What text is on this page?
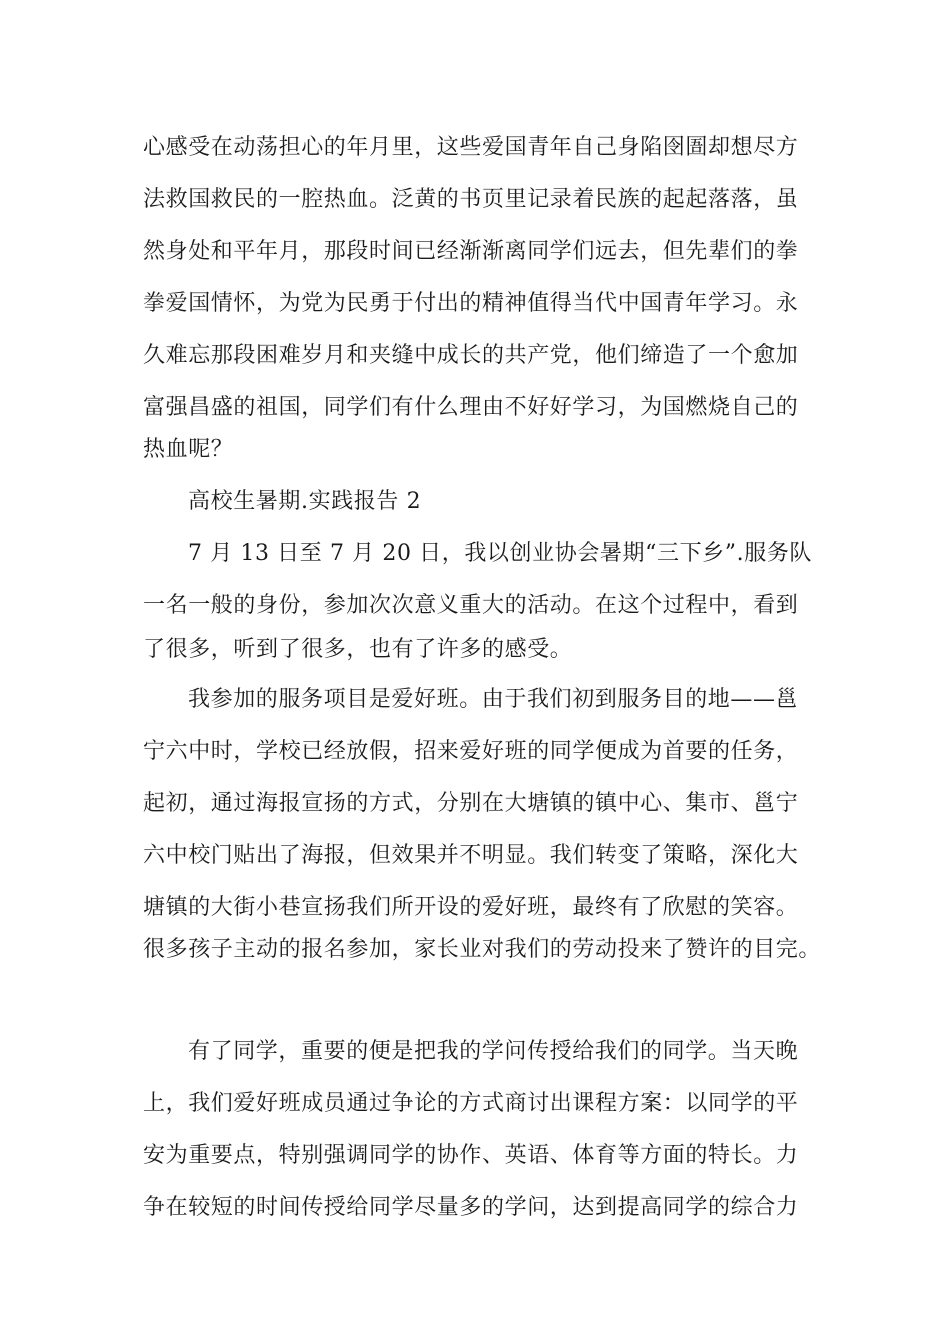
心感受在动荡担心的年月里，这些爱国青年自己身陷囹圄却想尽方
法救国救民的一腔热血。泛黄的书页里记录着民族的起起落落，虽
然身处和平年月，那段时间已经渐渐离同学们远去，但先辈们的拳
拳爱国情怀，为党为民勇于付出的精神值得当代中国青年学习。永
久难忘那段困难岁月和夹缝中成长的共产党，他们缔造了一个愈加
富强昌盛的祖国，同学们有什么理由不好好学习，为国燃烧自己的
热血呢？
高校生暑期.实践报告 2
7 月 13 日至 7 月 20 日，我以创业协会暑期“三下乡”.服务队
一名一般的身份，参加次次意义重大的活动。在这个过程中，看到
了很多，听到了很多，也有了许多的感受。
我参加的服务项目是爱好班。由于我们初到服务目的地——邕
宁六中时，学校已经放假，招来爱好班的同学便成为首要的任务，
起初，通过海报宣扬的方式，分别在大塘镇的镇中心、集市、邕宁
六中校门贴出了海报，但效果并不明显。我们转变了策略，深化大
塘镇的大街小巷宣扬我们所开设的爱好班，最终有了欣慰的笑容。
很多孩子主动的报名参加，家长业对我们的劳动投来了赞许的目完。
有了同学，重要的便是把我的学问传授给我们的同学。当天晚
上，我们爱好班成员通过争论的方式商讨出课程方案：以同学的平
安为重要点，特别强调同学的协作、英语、体育等方面的特长。力
争在较短的时间传授给同学尽量多的学问，达到提高同学的综合力
